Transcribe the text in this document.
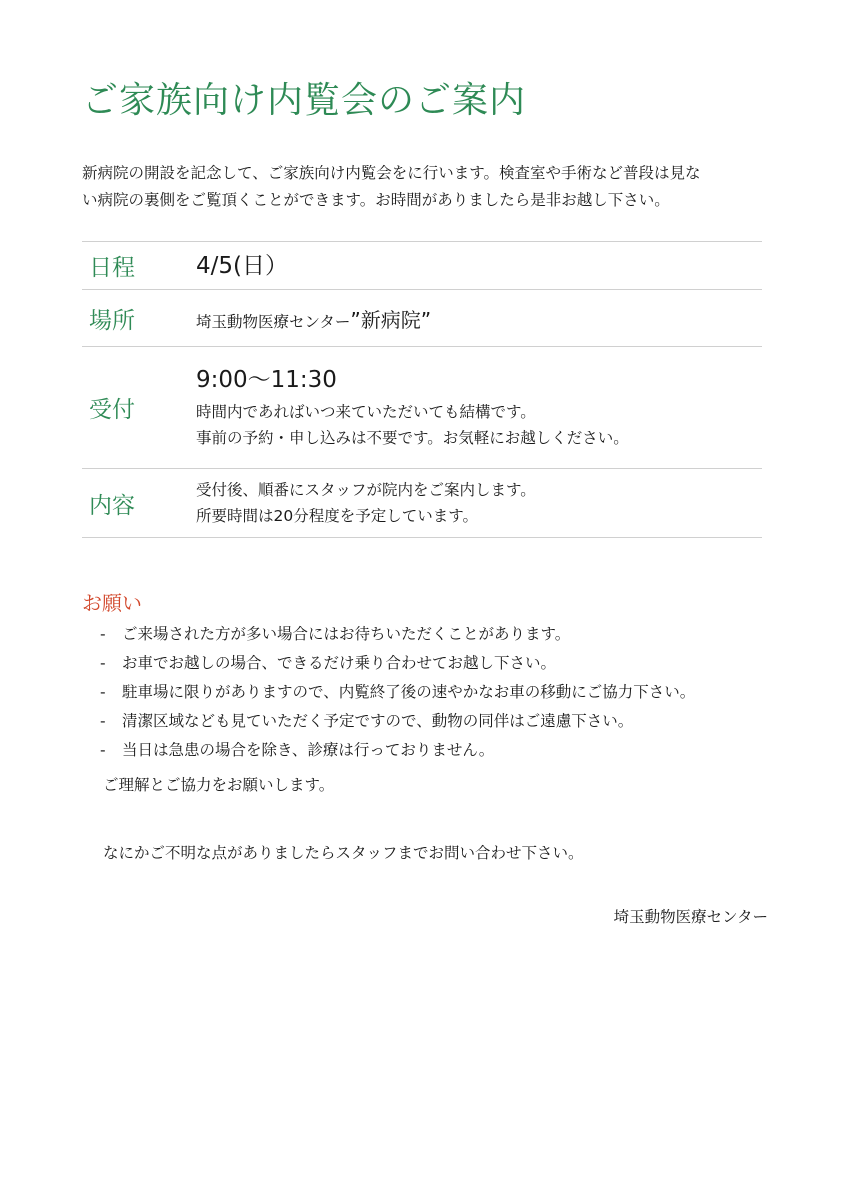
ご家族向け内覧会のご案内

新病院の開設を記念して、ご家族向け内覧会をに行います。検査室や手術など普段は見な

い病院の裏側をご覧頂くことができます。お時間がありましたら是非お越し下さい。

日程	4/5(日）
場所	埼玉動物医療センター”新病院”
受付
9:00〜11:30
時間内であればいつ来ていただいても結構です。
事前の予約・申し込みは不要です。お気軽にお越しください。
内容
受付後、順番にスタッフが院内をご案内します。
所要時間は20分程度を予定しています。
お願い
- ご来場された方が多い場合にはお待ちいただくことがあります。
- お車でお越しの場合、できるだけ乗り合わせてお越し下さい。
- 駐車場に限りがありますので、内覧終了後の速やかなお車の移動にご協力下さい。
- 清潔区域なども見ていただく予定ですので、動物の同伴はご遠慮下さい。
- 当日は急患の場合を除き、診療は行っておりません。
ご理解とご協力をお願いします。
なにかご不明な点がありましたらスタッフまでお問い合わせ下さい。
埼玉動物医療センター
